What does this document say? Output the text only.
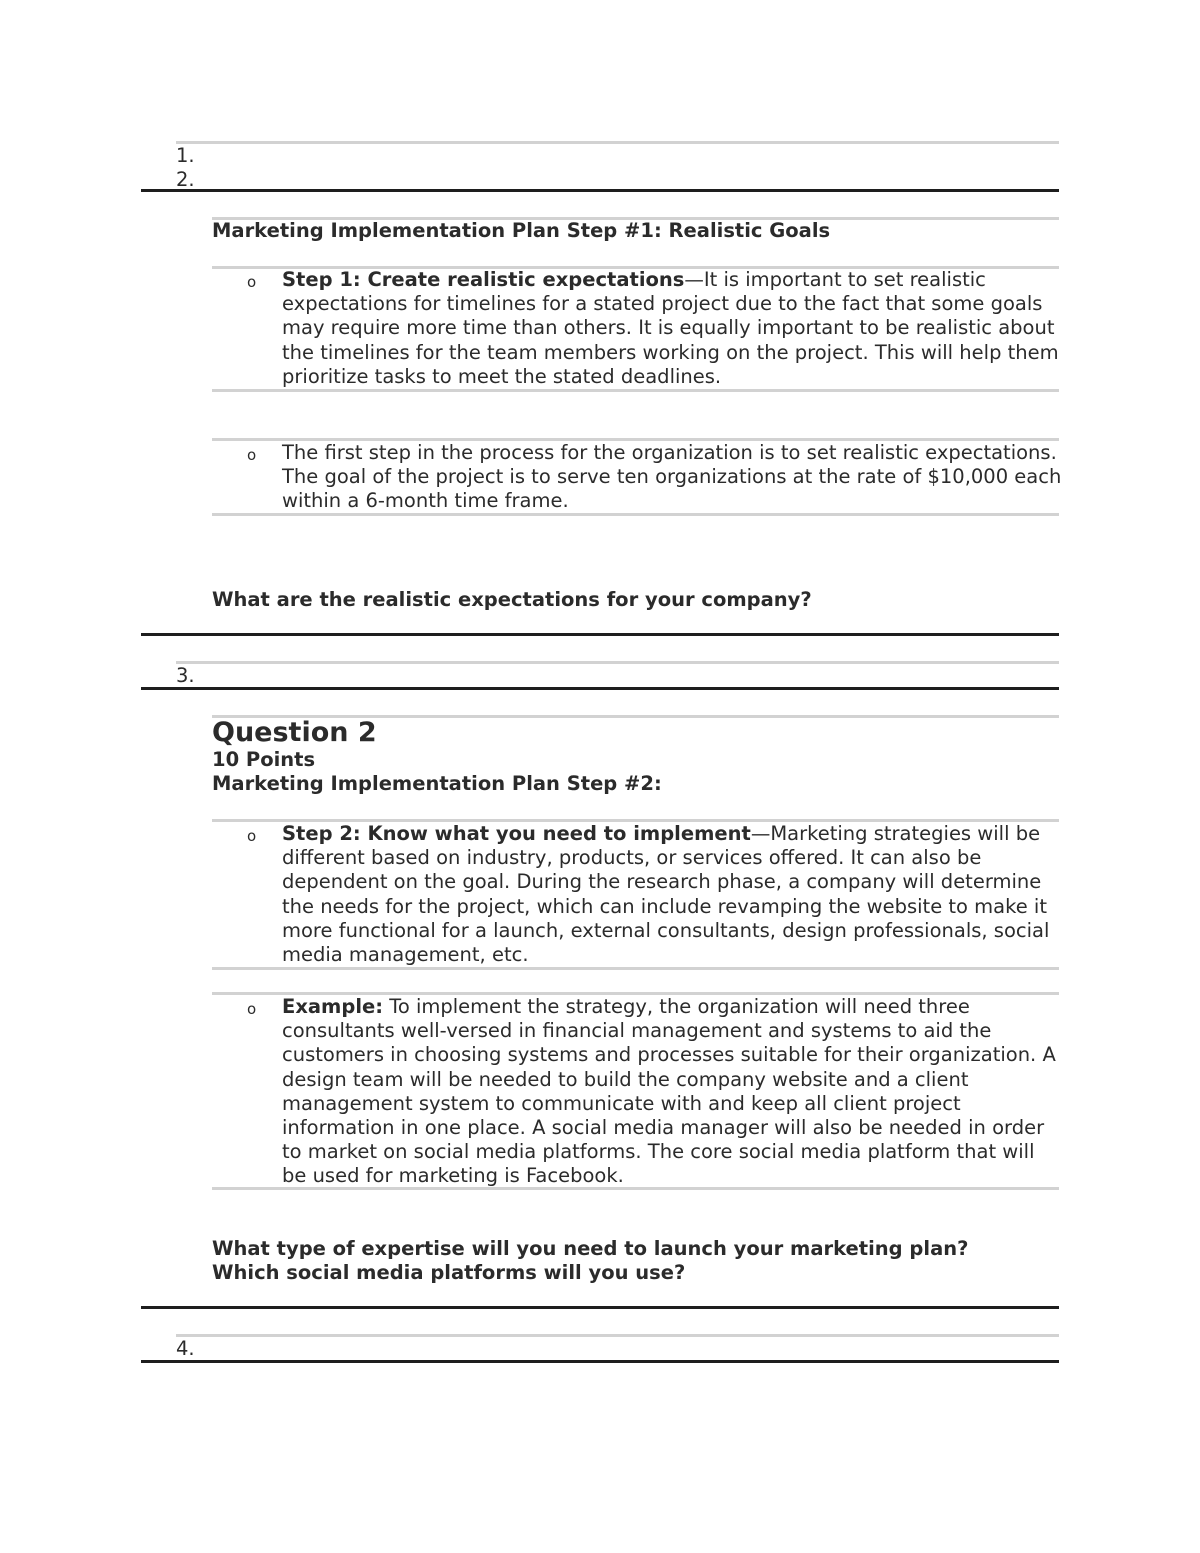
1.
2.
Marketing Implementation Plan Step #1: Realistic Goals
o Step 1: Create realistic expectations—It is important to set realistic expectations for timelines for a stated project due to the fact that some goals may require more time than others. It is equally important to be realistic about the timelines for the team members working on the project. This will help them prioritize tasks to meet the stated deadlines.
o The first step in the process for the organization is to set realistic expectations. The goal of the project is to serve ten organizations at the rate of $10,000 each within a 6-month time frame.
What are the realistic expectations for your company?
3.
Question 2
10 Points
Marketing Implementation Plan Step #2:
o Step 2: Know what you need to implement—Marketing strategies will be different based on industry, products, or services offered. It can also be dependent on the goal. During the research phase, a company will determine the needs for the project, which can include revamping the website to make it more functional for a launch, external consultants, design professionals, social media management, etc.
o Example: To implement the strategy, the organization will need three consultants well-versed in financial management and systems to aid the customers in choosing systems and processes suitable for their organization. A design team will be needed to build the company website and a client management system to communicate with and keep all client project information in one place. A social media manager will also be needed in order to market on social media platforms. The core social media platform that will be used for marketing is Facebook.
What type of expertise will you need to launch your marketing plan?
Which social media platforms will you use?
4.
